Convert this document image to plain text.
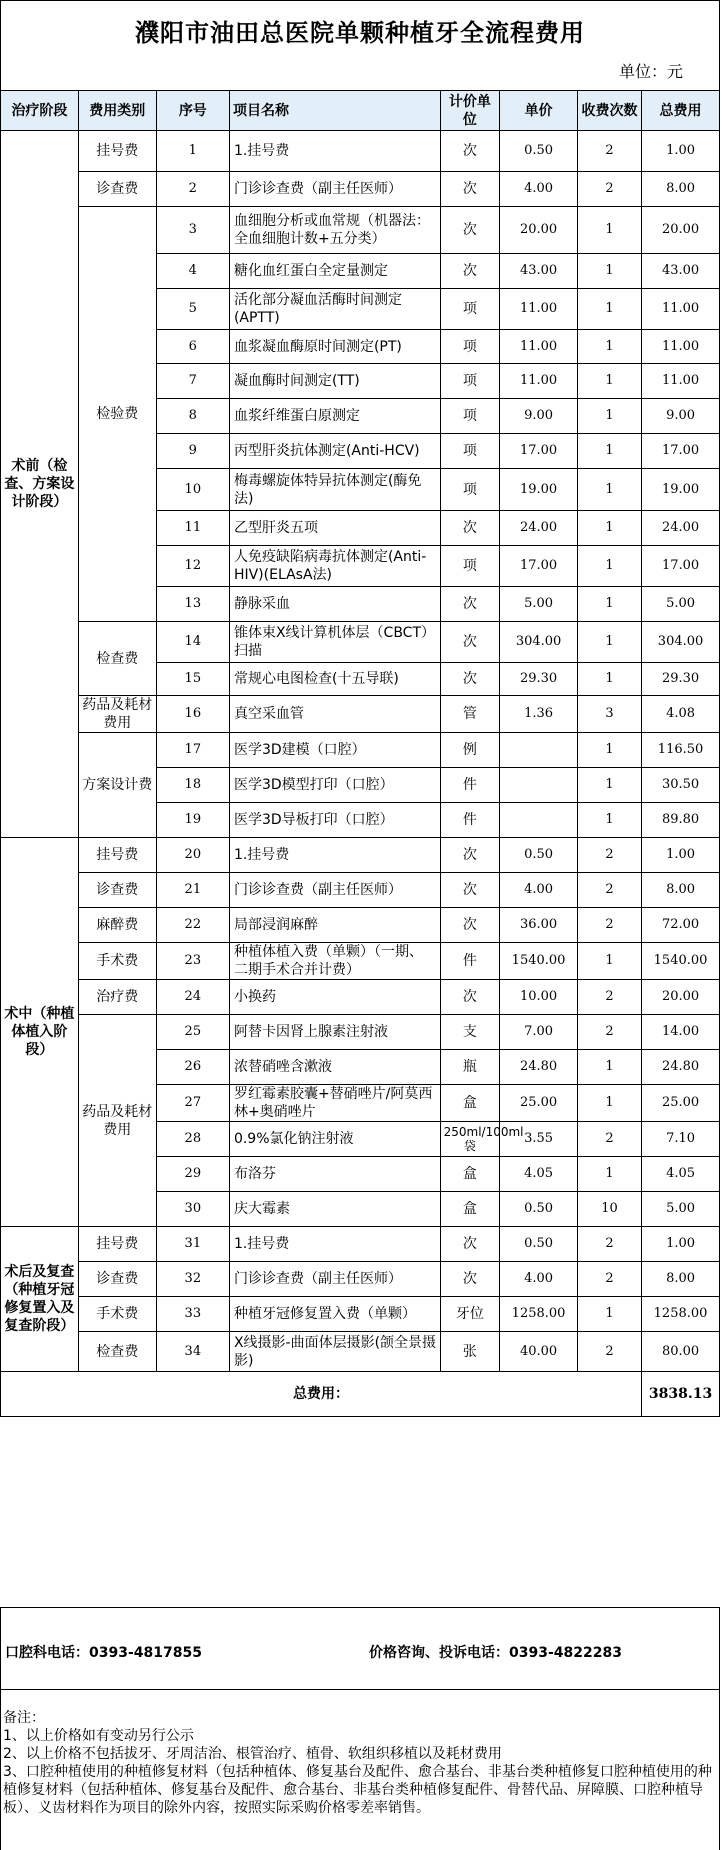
濮阳市油田总医院单颗种植牙全流程费用
单位：元
治疗阶段	费用类别	序号	项目名称	计价单位	单价	收费次数	总费用
术前（检查、方案设计阶段）	挂号费	1	1.挂号费	次	0.50	2	1.00
	诊查费	2	门诊诊查费（副主任医师）	次	4.00	2	8.00
	检验费	3	血细胞分析或血常规（机器法：全血细胞计数+五分类）	次	20.00	1	20.00
		4	糖化血红蛋白全定量测定	次	43.00	1	43.00
		5	活化部分凝血活酶时间测定(APTT)	项	11.00	1	11.00
		6	血浆凝血酶原时间测定(PT)	项	11.00	1	11.00
		7	凝血酶时间测定(TT)	项	11.00	1	11.00
		8	血浆纤维蛋白原测定	项	9.00	1	9.00
		9	丙型肝炎抗体测定(Anti-HCV)	项	17.00	1	17.00
		10	梅毒螺旋体特异抗体测定(酶免法)	项	19.00	1	19.00
		11	乙型肝炎五项	次	24.00	1	24.00
		12	人免疫缺陷病毒抗体测定(Anti-HIV)(ELAsA法)	项	17.00	1	17.00
		13	静脉采血	次	5.00	1	5.00
	检查费	14	锥体束X线计算机体层（CBCT）扫描	次	304.00	1	304.00
		15	常规心电图检查(十五导联)	次	29.30	1	29.30
	药品及耗材费用	16	真空采血管	管	1.36	3	4.08
	方案设计费	17	医学3D建模（口腔）	例		1	116.50
		18	医学3D模型打印（口腔）	件		1	30.50
		19	医学3D导板打印（口腔）	件		1	89.80
术中（种植体植入阶段）	挂号费	20	1.挂号费	次	0.50	2	1.00
	诊查费	21	门诊诊查费（副主任医师）	次	4.00	2	8.00
	麻醉费	22	局部浸润麻醉	次	36.00	2	72.00
	手术费	23	种植体植入费（单颗）（一期、二期手术合并计费）	件	1540.00	1	1540.00
	治疗费	24	小换药	次	10.00	2	20.00
	药品及耗材费用	25	阿替卡因肾上腺素注射液	支	7.00	2	14.00
		26	浓替硝唑含漱液	瓶	24.80	1	24.80
		27	罗红霉素胶囊+替硝唑片/阿莫西林+奥硝唑片	盒	25.00	1	25.00
		28	0.9%氯化钠注射液	250ml/100ml袋	3.55	2	7.10
		29	布洛芬	盒	4.05	1	4.05
		30	庆大霉素	盒	0.50	10	5.00
术后及复查（种植牙冠修复置入及复查阶段）	挂号费	31	1.挂号费	次	0.50	2	1.00
	诊查费	32	门诊诊查费（副主任医师）	次	4.00	2	8.00
	手术费	33	种植牙冠修复置入费（单颗）	牙位	1258.00	1	1258.00
	检查费	34	X线摄影-曲面体层摄影(颌全景摄影)	张	40.00	2	80.00
总费用：							3838.13
口腔科电话：0393-4817855	价格咨询、投诉电话：0393-4822283
备注：
1、以上价格如有变动另行公示
2、以上价格不包括拔牙、牙周洁治、根管治疗、植骨、软组织移植以及耗材费用
3、口腔种植使用的种植修复材料（包括种植体、修复基台及配件、愈合基台、非基台类种植修复口腔种植使用的种植修复材料（包括种植体、修复基台及配件、愈合基台、非基台类种植修复配件、骨替代品、屏障膜、口腔种植导板）、义齿材料作为项目的除外内容，按照实际采购价格零差率销售。
